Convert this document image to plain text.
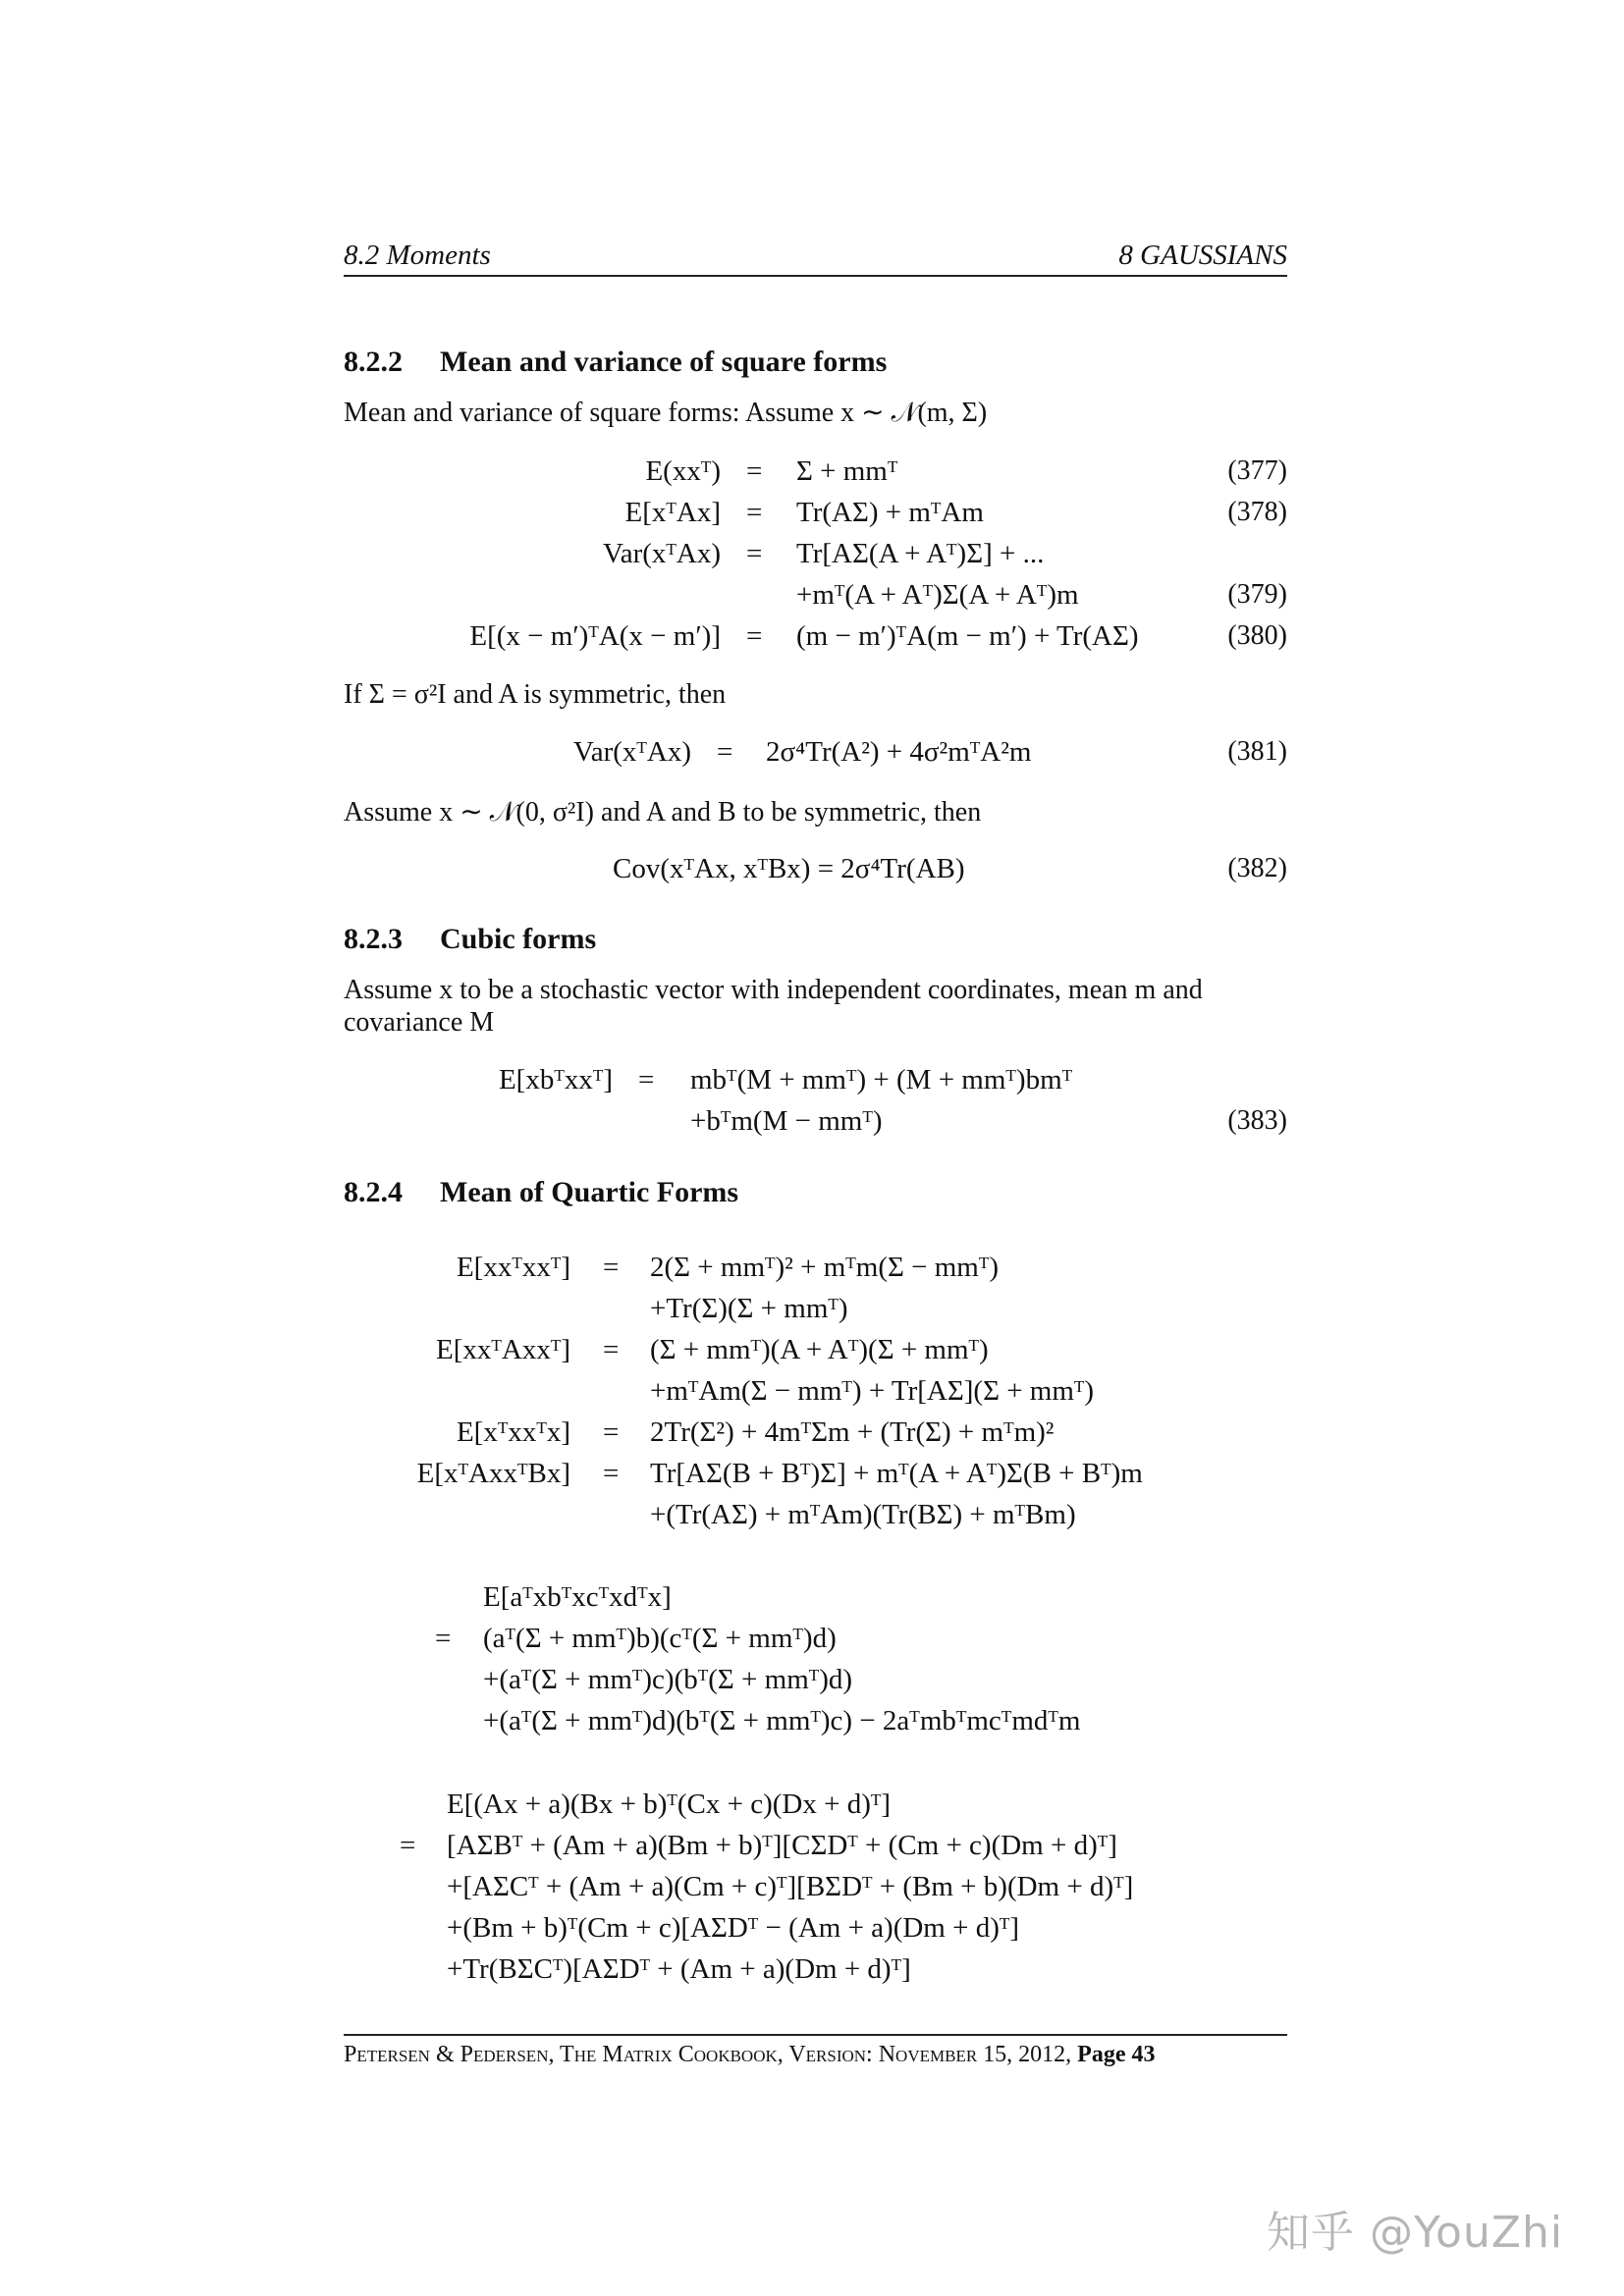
8.2 Moments	8 GAUSSIANS
8.2.2 Mean and variance of square forms
Mean and variance of square forms: Assume x ∼ 𝒩(m, Σ)
E(xxᵀ) = Σ + mmᵀ	(377)
E[xᵀAx] = Tr(AΣ) + mᵀAm	(378)
Var(xᵀAx) = Tr[AΣ(A + Aᵀ)Σ] + ...
+mᵀ(A + Aᵀ)Σ(A + Aᵀ)m	(379)
E[(x − m′)ᵀA(x − m′)] = (m − m′)ᵀA(m − m′) + Tr(AΣ)	(380)
If Σ = σ²I and A is symmetric, then
Var(xᵀAx) = 2σ⁴Tr(A²) + 4σ²mᵀA²m	(381)
Assume x ∼ 𝒩(0, σ²I) and A and B to be symmetric, then
Cov(xᵀAx, xᵀBx) = 2σ⁴Tr(AB)	(382)
8.2.3 Cubic forms
Assume x to be a stochastic vector with independent coordinates, mean m and
covariance M
E[xbᵀxxᵀ] = mbᵀ(M + mmᵀ) + (M + mmᵀ)bmᵀ
+bᵀm(M − mmᵀ)	(383)
8.2.4 Mean of Quartic Forms
E[xxᵀxxᵀ] = 2(Σ + mmᵀ)² + mᵀm(Σ − mmᵀ)
+Tr(Σ)(Σ + mmᵀ)
E[xxᵀAxxᵀ] = (Σ + mmᵀ)(A + Aᵀ)(Σ + mmᵀ)
+mᵀAm(Σ − mmᵀ) + Tr[AΣ](Σ + mmᵀ)
E[xᵀxxᵀx] = 2Tr(Σ²) + 4mᵀΣm + (Tr(Σ) + mᵀm)²
E[xᵀAxxᵀBx] = Tr[AΣ(B + Bᵀ)Σ] + mᵀ(A + Aᵀ)Σ(B + Bᵀ)m
+(Tr(AΣ) + mᵀAm)(Tr(BΣ) + mᵀBm)
E[aᵀxbᵀxcᵀxdᵀx]
= (aᵀ(Σ + mmᵀ)b)(cᵀ(Σ + mmᵀ)d)
+(aᵀ(Σ + mmᵀ)c)(bᵀ(Σ + mmᵀ)d)
+(aᵀ(Σ + mmᵀ)d)(bᵀ(Σ + mmᵀ)c) − 2aᵀmbᵀmcᵀmdᵀm
E[(Ax + a)(Bx + b)ᵀ(Cx + c)(Dx + d)ᵀ]
= [AΣBᵀ + (Am + a)(Bm + b)ᵀ][CΣDᵀ + (Cm + c)(Dm + d)ᵀ]
+[AΣCᵀ + (Am + a)(Cm + c)ᵀ][BΣDᵀ + (Bm + b)(Dm + d)ᵀ]
+(Bm + b)ᵀ(Cm + c)[AΣDᵀ − (Am + a)(Dm + d)ᵀ]
+Tr(BΣCᵀ)[AΣDᵀ + (Am + a)(Dm + d)ᵀ]
Petersen & Pedersen, The Matrix Cookbook, Version: November 15, 2012, Page 43
知乎 @YouZhi
